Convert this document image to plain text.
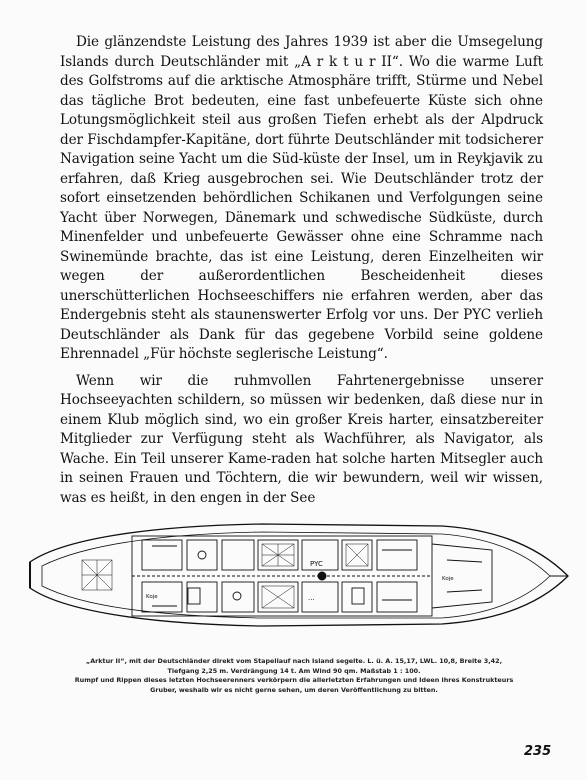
Die glänzendste Leistung des Jahres 1939 ist aber die Umsegelung Islands durch Deutschländer mit „A r k t u r II“. Wo die warme Luft des Golfstroms auf die arktische Atmosphäre trifft, Stürme und Nebel das tägliche Brot bedeuten, eine fast unbefeuerte Küste sich ohne Lotungsmöglichkeit steil aus großen Tiefen erhebt als der Alpdruck der Fischdampfer-Kapitäne, dort führte Deutschländer mit todsicherer Navigation seine Yacht um die Süd-küste der Insel, um in Reykjavik zu erfahren, daß Krieg ausgebrochen sei. Wie Deutschländer trotz der sofort einsetzenden behördlichen Schikanen und Verfolgungen seine Yacht über Norwegen, Dänemark und schwedische Südküste, durch Minenfelder und unbefeuerte Gewässer ohne eine Schramme nach Swinemünde brachte, das ist eine Leistung, deren Einzelheiten wir wegen der außerordentlichen Bescheidenheit dieses unerschütterlichen Hochseeschiffers nie erfahren werden, aber das Endergebnis steht als staunenswerter Erfolg vor uns. Der PYC verlieh Deutschländer als Dank für das gegebene Vorbild seine goldene Ehrennadel „Für höchste seglerische Leistung“.

Wenn wir die ruhmvollen Fahrtenergebnisse unserer Hochseeyachten schildern, so müssen wir bedenken, daß diese nur in einem Klub möglich sind, wo ein großer Kreis harter, einsatzbereiter Mitglieder zur Verfügung steht als Wachführer, als Navigator, als Wache. Ein Teil unserer Kame-raden hat solche harten Mitsegler auch in seinen Frauen und Töchtern, die wir bewundern, weil wir wissen, was es heißt, in den engen in der See

PYC
...
Koje
Koje
„Arktur II“, mit der Deutschländer direkt vom Stapellauf nach Island segelte. L. ü. A. 15,17, LWL. 10,8, Breite 3,42,
Tiefgang 2,25 m. Verdrängung 14 t. Am Wind 90 qm. Maßstab 1 : 100.
Rumpf und Rippen dieses letzten Hochseerenners verkörpern die allerletzten Erfahrungen und Ideen ihres Konstrukteurs
Gruber, weshalb wir es nicht gerne sehen, um deren Veröffentlichung zu bitten.
235
